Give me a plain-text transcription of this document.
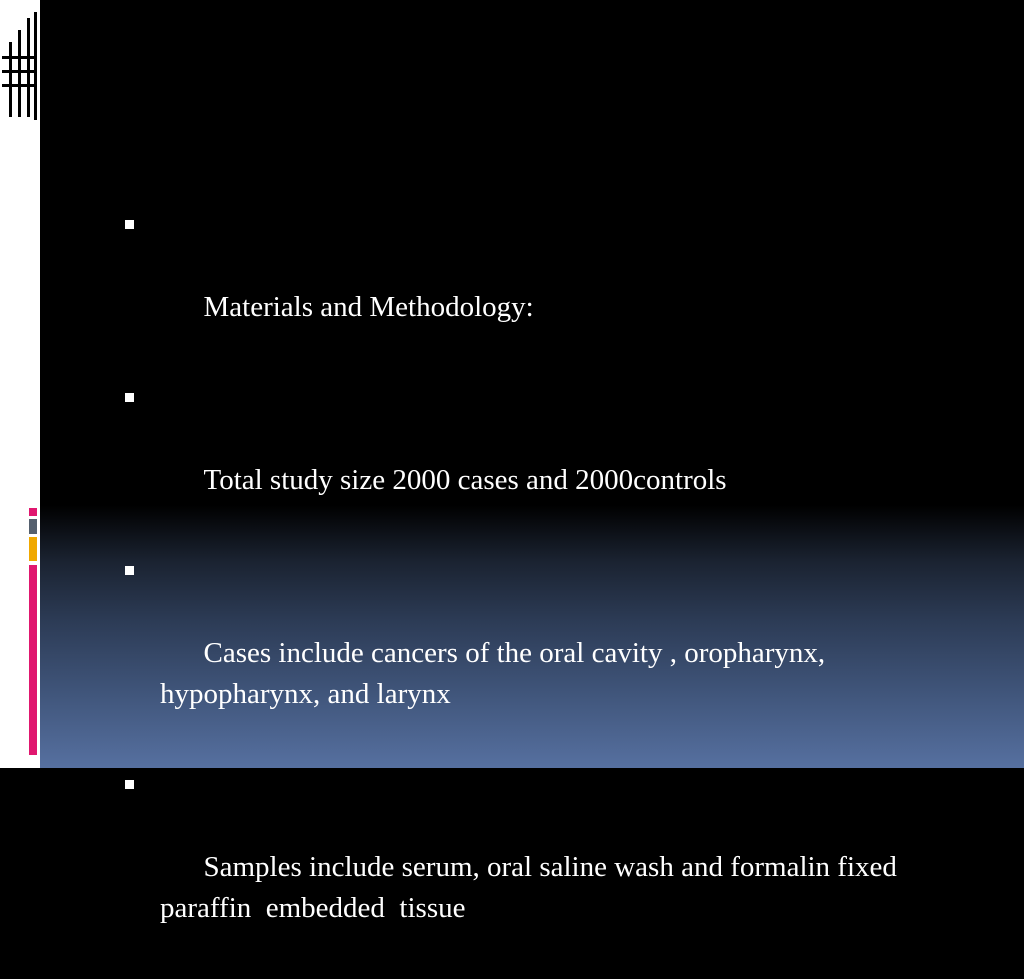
Materials and Methodology:

Total study size 2000 cases and 2000controls

Cases include cancers of the oral cavity , oropharynx, hypopharynx, and larynx

Samples include serum, oral saline wash and formalin fixed paraffin  embedded  tissue
